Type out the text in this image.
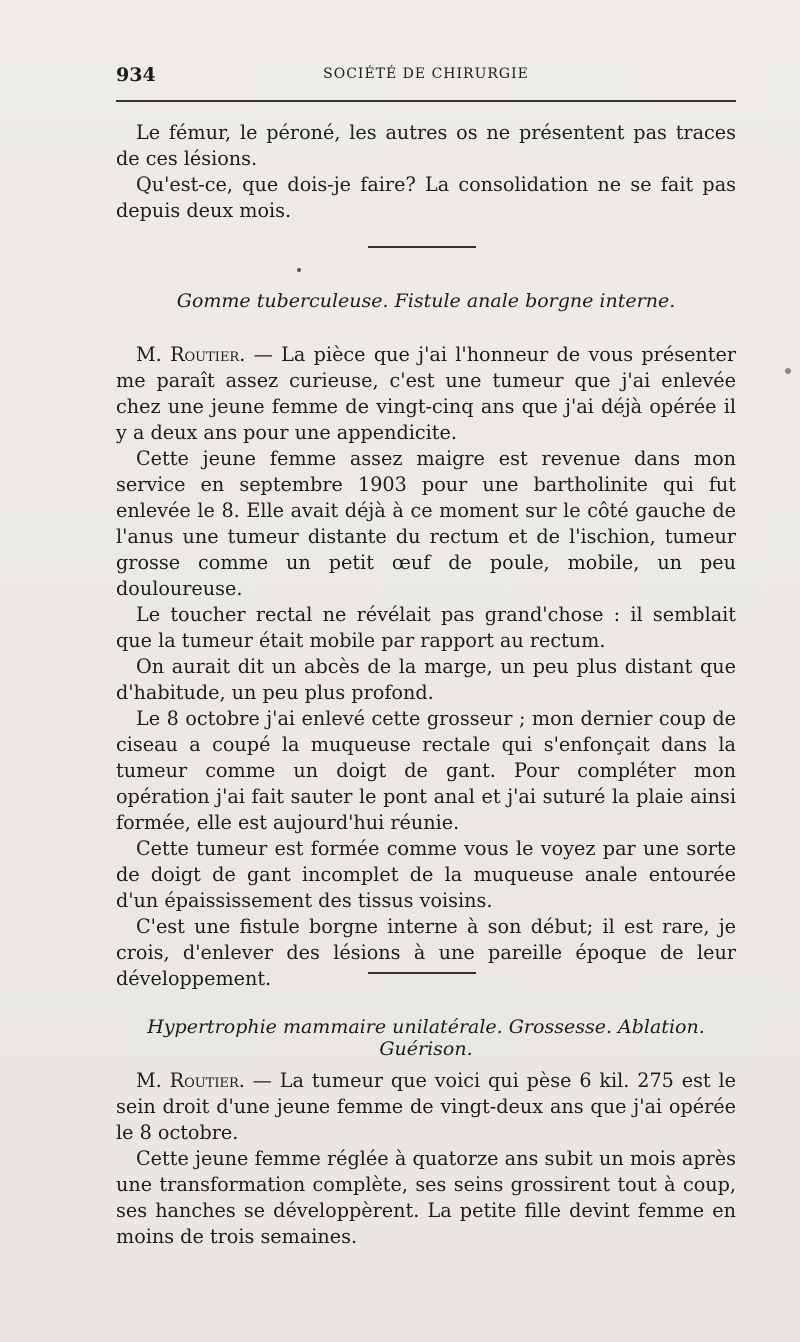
934	SOCIÉTÉ DE CHIRURGIE

Le fémur, le péroné, les autres os ne présentent pas traces de ces lésions.

Qu'est-ce, que dois-je faire? La consolidation ne se fait pas depuis deux mois.

Gomme tuberculeuse. Fistule anale borgne interne.

M. Routier. — La pièce que j'ai l'honneur de vous présenter me paraît assez curieuse, c'est une tumeur que j'ai enlevée chez une jeune femme de vingt-cinq ans que j'ai déjà opérée il y a deux ans pour une appendicite.

Cette jeune femme assez maigre est revenue dans mon service en septembre 1903 pour une bartholinite qui fut enlevée le 8. Elle avait déjà à ce moment sur le côté gauche de l'anus une tumeur distante du rectum et de l'ischion, tumeur grosse comme un petit œuf de poule, mobile, un peu douloureuse.

Le toucher rectal ne révélait pas grand'chose : il semblait que la tumeur était mobile par rapport au rectum.

On aurait dit un abcès de la marge, un peu plus distant que d'habitude, un peu plus profond.

Le 8 octobre j'ai enlevé cette grosseur ; mon dernier coup de ciseau a coupé la muqueuse rectale qui s'enfonçait dans la tumeur comme un doigt de gant. Pour compléter mon opération j'ai fait sauter le pont anal et j'ai suturé la plaie ainsi formée, elle est aujourd'hui réunie.

Cette tumeur est formée comme vous le voyez par une sorte de doigt de gant incomplet de la muqueuse anale entourée d'un épaississement des tissus voisins.

C'est une fistule borgne interne à son début; il est rare, je crois, d'enlever des lésions à une pareille époque de leur développement.

Hypertrophie mammaire unilatérale. Grossesse. Ablation. Guérison.

M. Routier. — La tumeur que voici qui pèse 6 kil. 275 est le sein droit d'une jeune femme de vingt-deux ans que j'ai opérée le 8 octobre.

Cette jeune femme réglée à quatorze ans subit un mois après une transformation complète, ses seins grossirent tout à coup, ses hanches se développèrent. La petite fille devint femme en moins de trois semaines.
